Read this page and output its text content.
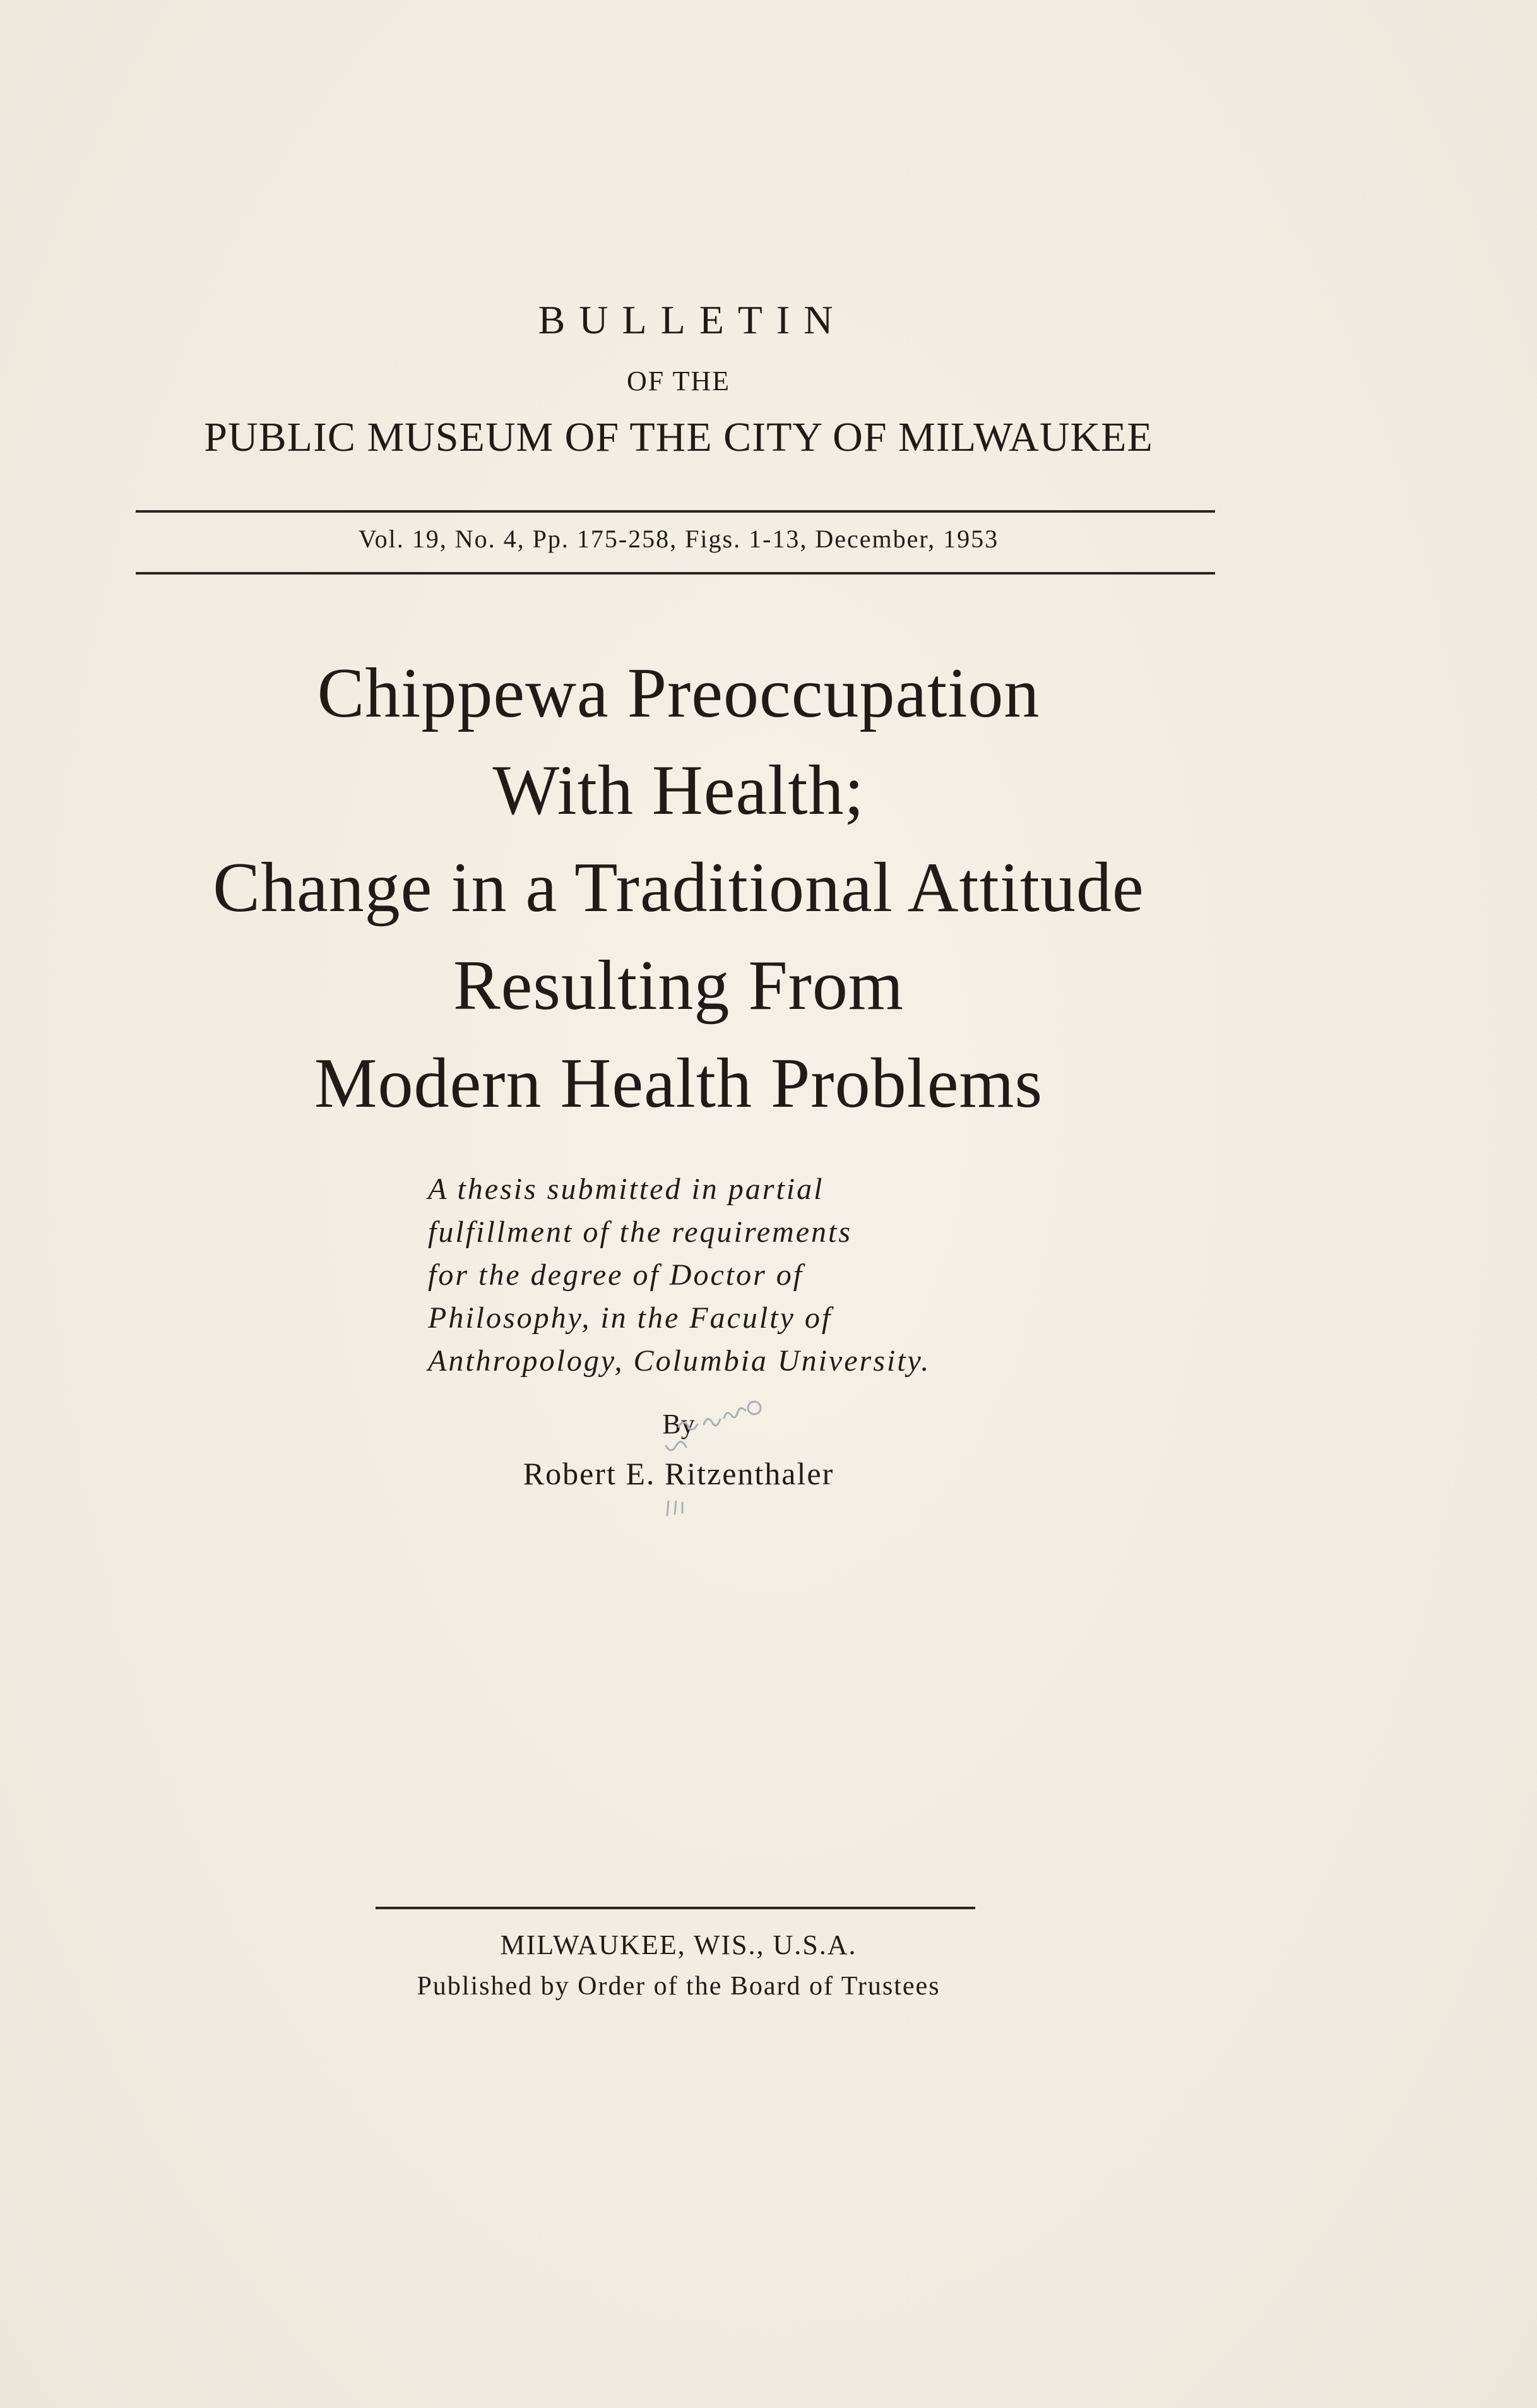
BULLETIN
OF THE
PUBLIC MUSEUM OF THE CITY OF MILWAUKEE
Vol. 19, No. 4, Pp. 175-258, Figs. 1-13, December, 1953
Chippewa Preoccupation
With Health;
Change in a Traditional Attitude
Resulting From
Modern Health Problems
A thesis submitted in partial
fulfillment of the requirements
for the degree of Doctor of
Philosophy, in the Faculty of
Anthropology, Columbia University.
By
Robert E. Ritzenthaler
MILWAUKEE, WIS., U.S.A.
Published by Order of the Board of Trustees
